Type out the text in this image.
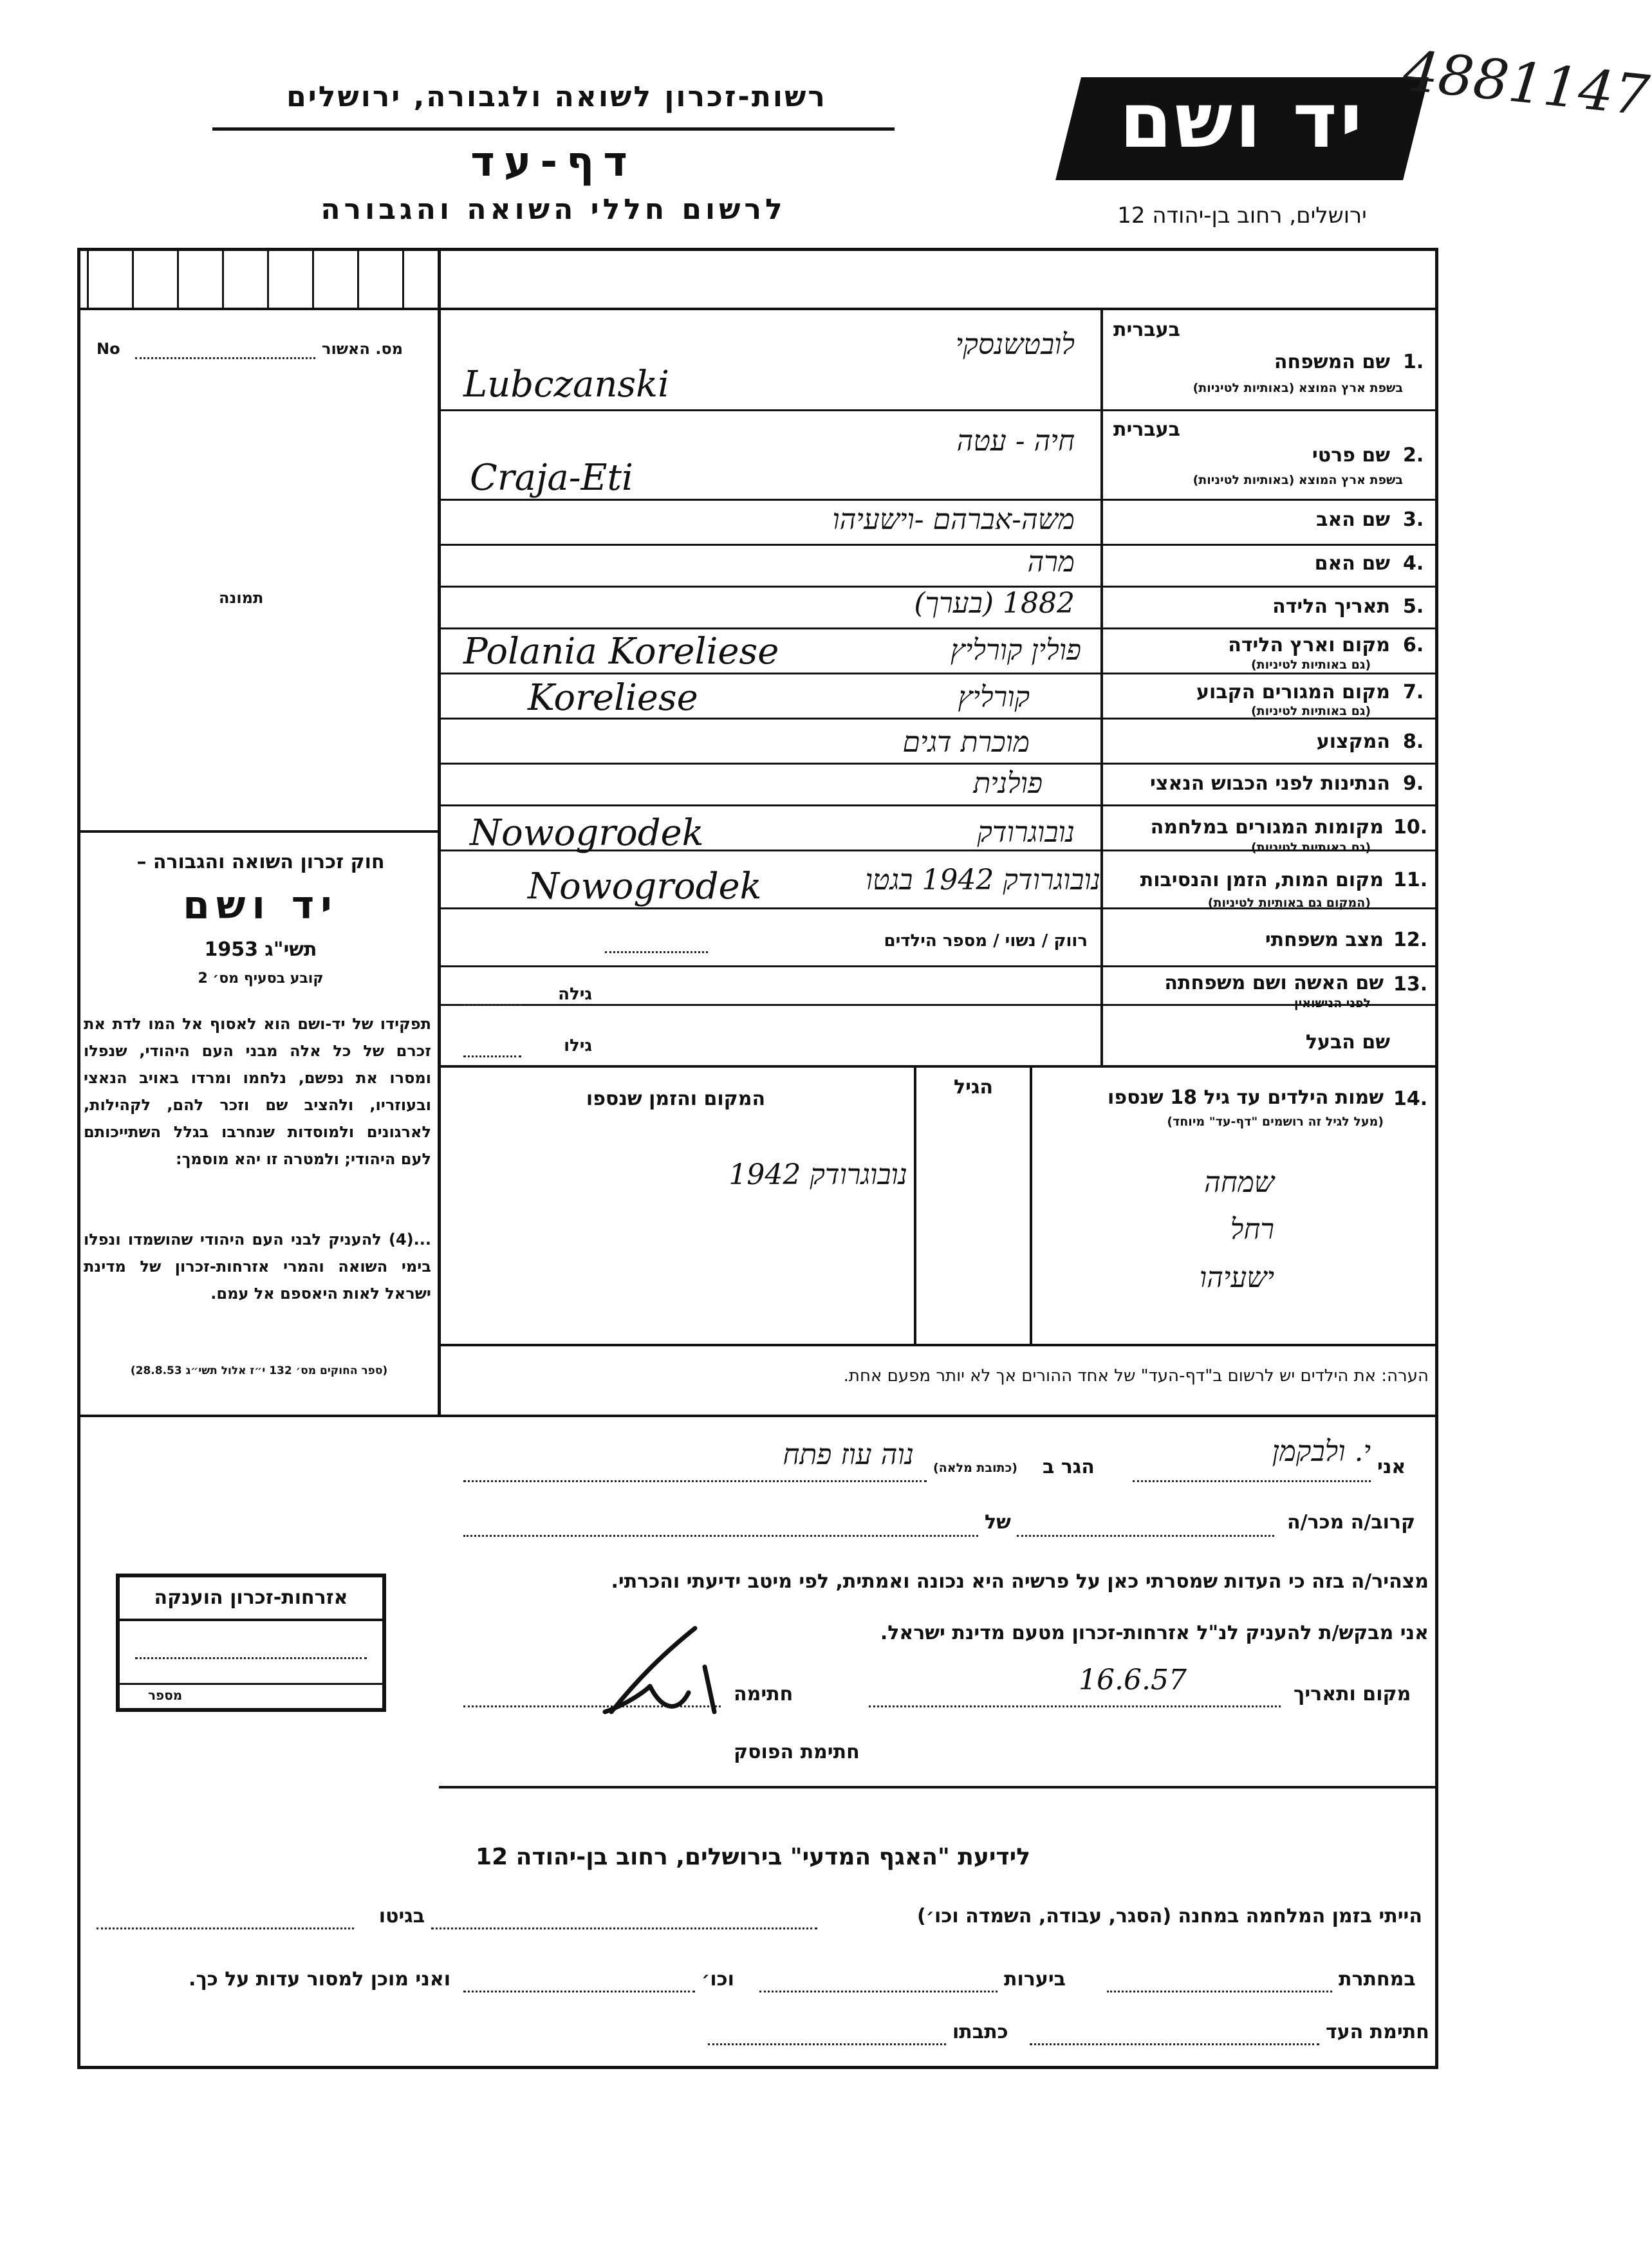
רשות-זכרון לשואה ולגבורה, ירושלים
דף-עד
לרשום חללי השואה והגבורה
יד ושם
ירושלים, רחוב בן-יהודה 12
4881147
מס. האשור
No
תמונה
חוק זכרון השואה והגבורה –
יד ושם
תשי"ג 1953
קובע בסעיף מס׳ 2
תפקידו של יד-ושם הוא לאסוף אל המו לדת את זכרם של כל אלה מבני העם היהודי, שנפלו ומסרו את נפשם, נלחמו ומרדו באויב הנאצי ובעוזריו, ולהציב שם וזכר להם, לקהילות, לארגונים ולמוסדות שנחרבו בגלל השתייכותם לעם היהודי; ולמטרה זו יהא מוסמך:
...(4) להעניק לבני העם היהודי שהושמדו ונפלו בימי השואה והמרי אזרחות-זכרון של מדינת ישראל לאות היאספם אל עמם.
(ספר החוקים מס׳ 132 י״ז אלול תשי״ג 28.8.53)
אזרחות-זכרון הוענקה
מספר
בעברית
1.
שם המשפחה
בשפת ארץ המוצא (באותיות לטיניות)
לובטשנסקי
Lubczanski
בעברית
2.
שם פרטי
בשפת ארץ המוצא (באותיות לטיניות)
חיה - עטה
Craja-Eti
3.
שם האב
משה-אברהם -וישעיהו
4.
שם האם
מרה
5.
תאריך הלידה
1882 (בערך)
6.
מקום וארץ הלידה
(גם באותיות לטיניות)
פולין קורליץ
Polania Koreliese
7.
מקום המגורים הקבוע
(גם באותיות לטיניות)
קורליץ
Koreliese
8.
המקצוע
מוכרת דגים
9.
הנתינות לפני הכבוש הנאצי
פולנית
10.
מקומות המגורים במלחמה
(גם באותיות לטיניות)
נובוגרודק
Nowogrodek
11.
מקום המות, הזמן והנסיבות
(המקום גם באותיות לטיניות)
נובוגרודק 1942 בגטו
Nowogrodek
12.
מצב משפחתי
רווק / נשוי / מספר הילדים
13.
שם האשה ושם משפחתה
לפני הנישואין
גילה
שם הבעל
גילו
14.
שמות הילדים עד גיל 18 שנספו
(מעל לגיל זה רושמים "דף-עד" מיוחד)
הגיל
המקום והזמן שנספו
שמחה
נובוגרודק 1942
רחל
ישעיהו
הערה: את הילדים יש לרשום ב"דף-העד" של אחד ההורים אך לא יותר מפעם אחת.
אני
י. ולבקמן
הגר ב
(כתובת מלאה)
נוה עוז פתח
קרוב/ה מכר/ה
של
מצהיר/ה בזה כי העדות שמסרתי כאן על פרשיה היא נכונה ואמתית, לפי מיטב ידיעתי והכרתי.
אני מבקש/ת להעניק לנ"ל אזרחות-זכרון מטעם מדינת ישראל.
מקום ותאריך
16.6.57
חתימה
חתימת הפוסק
לידיעת "האגף המדעי" בירושלים, רחוב בן-יהודה 12
הייתי בזמן המלחמה במחנה (הסגר, עבודה, השמדה וכו׳)
בגיטו
במחתרת
ביערות
וכו׳
ואני מוכן למסור עדות על כך.
חתימת העד
כתבתו
